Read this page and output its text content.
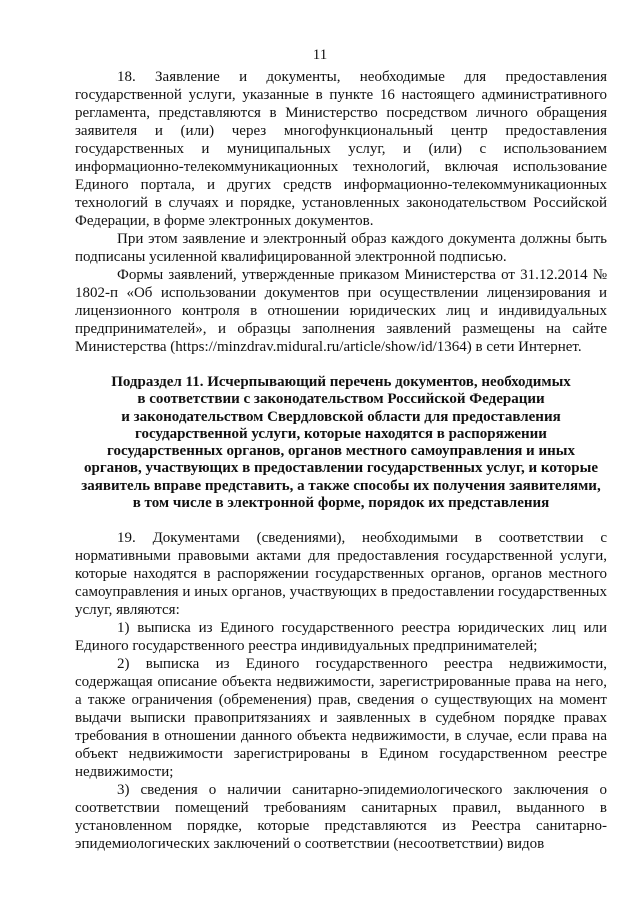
11

18. Заявление и документы, необходимые для предоставления государственной услуги, указанные в пункте 16 настоящего административного регламента, представляются в Министерство посредством личного обращения заявителя и (или) через многофункциональный центр предоставления государственных и муниципальных услуг, и (или) с использованием информационно-телекоммуникационных технологий, включая использование Единого портала, и других средств информационно-телекоммуникационных технологий в случаях и порядке, установленных законодательством Российской Федерации, в форме электронных документов.

При этом заявление и электронный образ каждого документа должны быть подписаны усиленной квалифицированной электронной подписью.

Формы заявлений, утвержденные приказом Министерства от 31.12.2014 № 1802-п «Об использовании документов при осуществлении лицензирования и лицензионного контроля в отношении юридических лиц и индивидуальных предпринимателей», и образцы заполнения заявлений размещены на сайте Министерства (https://minzdrav.midural.ru/article/show/id/1364) в сети Интернет.

Подраздел 11. Исчерпывающий перечень документов, необходимых
в соответствии с законодательством Российской Федерации
и законодательством Свердловской области для предоставления
государственной услуги, которые находятся в распоряжении
государственных органов, органов местного самоуправления и иных
органов, участвующих в предоставлении государственных услуг, и которые
заявитель вправе представить, а также способы их получения заявителями,
в том числе в электронной форме, порядок их представления

19. Документами (сведениями), необходимыми в соответствии с нормативными правовыми актами для предоставления государственной услуги, которые находятся в распоряжении государственных органов, органов местного самоуправления и иных органов, участвующих в предоставлении государственных услуг, являются:

1) выписка из Единого государственного реестра юридических лиц или Единого государственного реестра индивидуальных предпринимателей;

2) выписка из Единого государственного реестра недвижимости, содержащая описание объекта недвижимости, зарегистрированные права на него, а также ограничения (обременения) прав, сведения о существующих на момент выдачи выписки правопритязаниях и заявленных в судебном порядке правах требования в отношении данного объекта недвижимости, в случае, если права на объект недвижимости зарегистрированы в Едином государственном реестре недвижимости;

3) сведения о наличии санитарно-эпидемиологического заключения о соответствии помещений требованиям санитарных правил, выданного в установленном порядке, которые представляются из Реестра санитарно-эпидемиологических заключений о соответствии (несоответствии) видов
